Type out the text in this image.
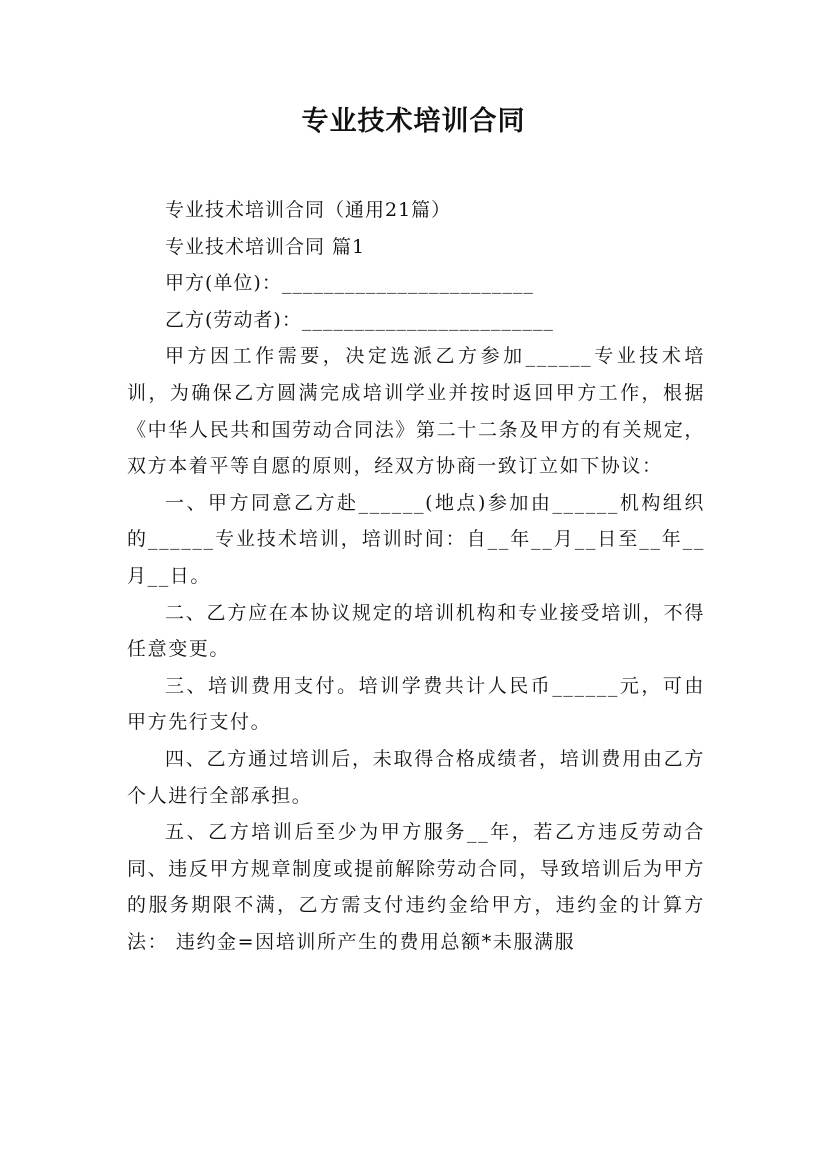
专业技术培训合同

专业技术培训合同（通用21篇）

专业技术培训合同 篇1

甲方(单位)：________________________

乙方(劳动者)：________________________

甲方因工作需要，决定选派乙方参加______专业技术培训，为确保乙方圆满完成培训学业并按时返回甲方工作，根据《中华人民共和国劳动合同法》第二十二条及甲方的有关规定，双方本着平等自愿的原则，经双方协商一致订立如下协议：

一、甲方同意乙方赴______(地点)参加由______机构组织的______专业技术培训，培训时间：自__年__月__日至__年__月__日。

二、乙方应在本协议规定的培训机构和专业接受培训，不得任意变更。

三、培训费用支付。培训学费共计人民币______元，可由甲方先行支付。

四、乙方通过培训后，未取得合格成绩者，培训费用由乙方个人进行全部承担。

五、乙方培训后至少为甲方服务__年，若乙方违反劳动合同、违反甲方规章制度或提前解除劳动合同，导致培训后为甲方的服务期限不满，乙方需支付违约金给甲方，违约金的计算方法： 违约金=因培训所产生的费用总额*未服满服
